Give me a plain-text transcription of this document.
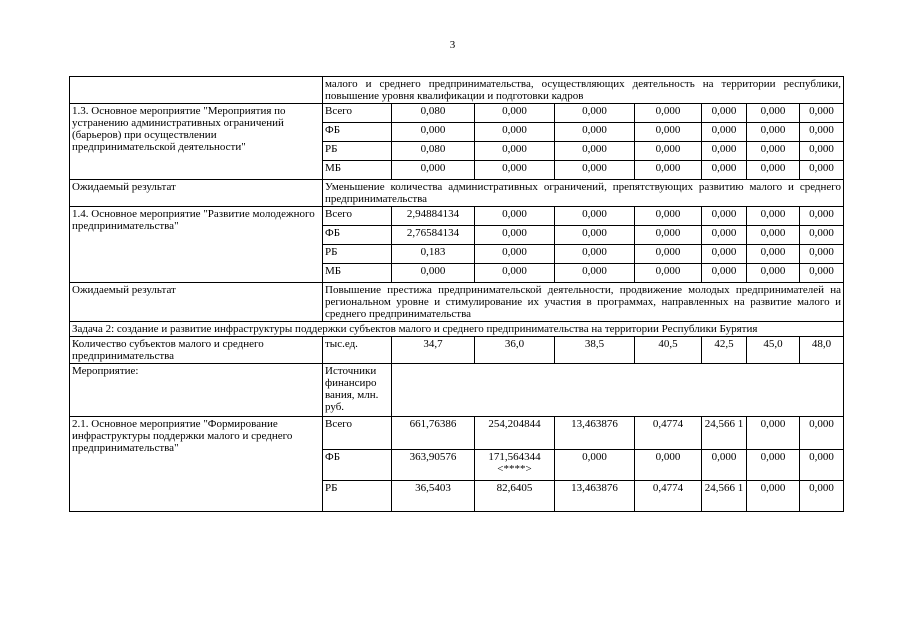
3
	малого и среднего предпринимательства, осуществляющих деятельность на территории республики, повышение уровня квалификации и подготовки кадров							
1.3. Основное мероприятие "Мероприятия по устранению административных ограничений (барьеров) при осуществлении предпринимательской деятельности"	Всего	0,080	0,000	0,000	0,000	0,000	0,000	0,000
	ФБ	0,000	0,000	0,000	0,000	0,000	0,000	0,000
	РБ	0,080	0,000	0,000	0,000	0,000	0,000	0,000
	МБ	0,000	0,000	0,000	0,000	0,000	0,000	0,000
Ожидаемый результат	Уменьшение количества административных ограничений, препятствующих развитию малого и среднего предпринимательства							
1.4. Основное мероприятие "Развитие молодежного предпринимательства"	Всего	2,94884134	0,000	0,000	0,000	0,000	0,000	0,000
	ФБ	2,76584134	0,000	0,000	0,000	0,000	0,000	0,000
	РБ	0,183	0,000	0,000	0,000	0,000	0,000	0,000
	МБ	0,000	0,000	0,000	0,000	0,000	0,000	0,000
Ожидаемый результат	Повышение престижа предпринимательской деятельности, продвижение молодых предпринимателей на региональном уровне и стимулирование их участия в программах, направленных на развитие малого и среднего предпринимательства							
Задача 2: создание и развитие инфраструктуры поддержки субъектов малого и среднего предпринимательства на территории Республики Бурятия								
Количество субъектов малого и среднего предпринимательства	тыс.ед.	34,7	36,0	38,5	40,5	42,5	45,0	48,0
Мероприятие:	Источники финансиро вания, млн. руб.							
2.1. Основное мероприятие "Формирование инфраструктуры поддержки малого и среднего предпринимательства"	Всего	661,76386	254,204844	13,463876	0,4774	24,566 1	0,000	0,000
	ФБ	363,90576	171,564344 <****>	0,000	0,000	0,000	0,000	0,000
	РБ	36,5403	82,6405	13,463876	0,4774	24,566 1	0,000	0,000
